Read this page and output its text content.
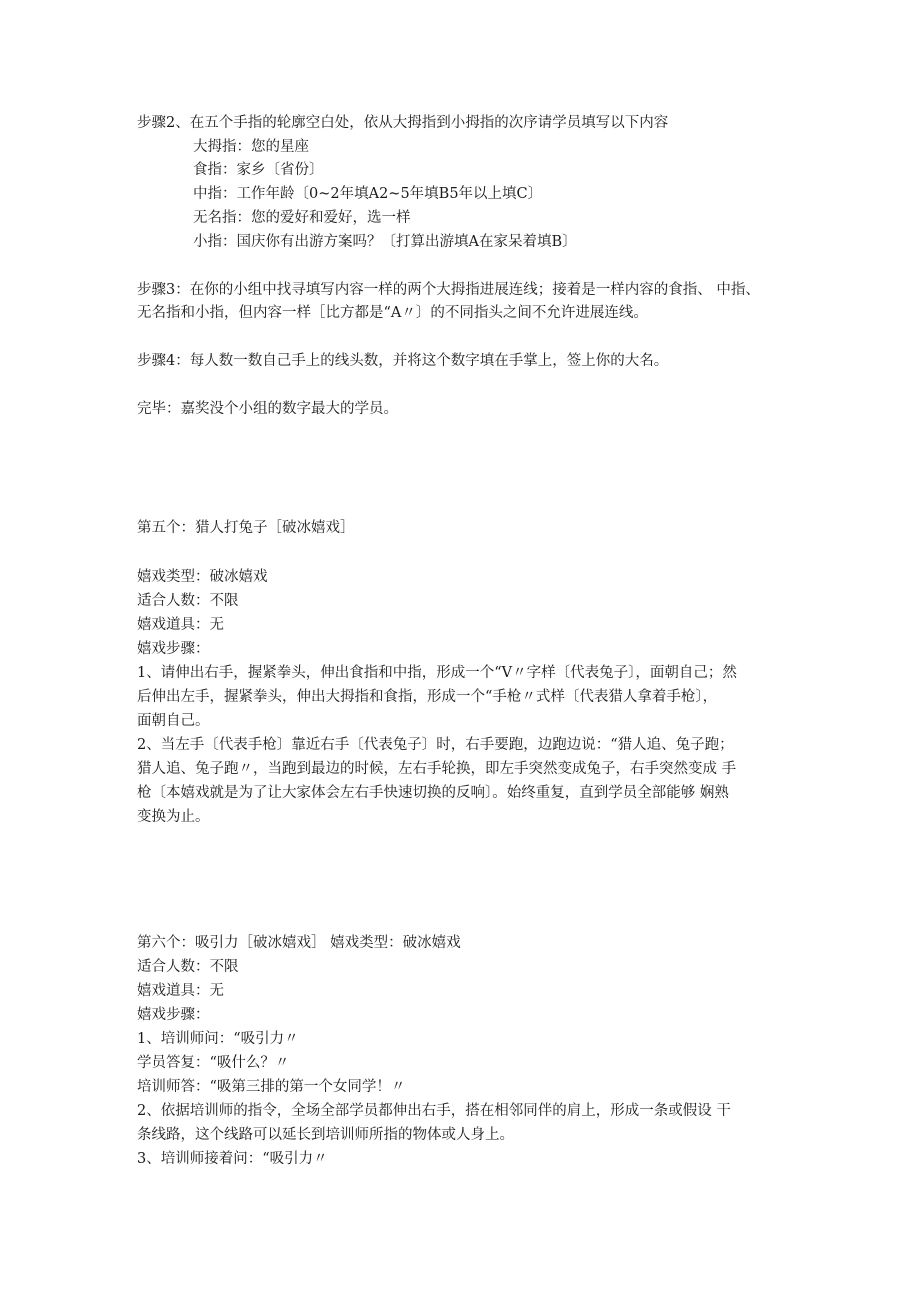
步骤2、在五个手指的轮廓空白处，依从大拇指到小拇指的次序请学员填写以下内容
大拇指：您的星座
食指：家乡〔省份〕
中指：工作年龄〔0~2年填A2~5年填B5年以上填C〕
无名指：您的爱好和爱好，选一样
小指：国庆你有出游方案吗？〔打算出游填A在家呆着填B〕
步骤3：在你的小组中找寻填写内容一样的两个大拇指进展连线；接着是一样内容的食指、 中指、
无名指和小指，但内容一样［比方都是“A〃〕的不同指头之间不允许进展连线。
步骤4：每人数一数自己手上的线头数，并将这个数字填在手掌上，签上你的大名。
完毕：嘉奖没个小组的数字最大的学员。
第五个：猎人打兔子［破冰嬉戏］
嬉戏类型：破冰嬉戏
适合人数：不限
嬉戏道具：无
嬉戏步骤：
1、请伸出右手，握紧拳头，伸出食指和中指，形成一个“V〃字样〔代表兔子〕，面朝自己；然
后伸出左手，握紧拳头，伸出大拇指和食指，形成一个“手枪〃式样〔代表猎人拿着手枪〕，
面朝自己。
2、当左手〔代表手枪〕靠近右手〔代表兔子〕时，右手要跑，边跑边说：“猎人追、兔子跑；
猎人追、兔子跑〃，当跑到最边的时候，左右手轮换，即左手突然变成兔子，右手突然变成 手
枪〔本嬉戏就是为了让大家体会左右手快速切换的反响〕。始终重复，直到学员全部能够 娴熟
变换为止。
第六个：吸引力［破冰嬉戏］ 嬉戏类型：破冰嬉戏
适合人数：不限
嬉戏道具：无
嬉戏步骤：
1、培训师问：“吸引力〃
学员答复：“吸什么？〃
培训师答：“吸第三排的第一个女同学！〃
2、依据培训师的指令，全场全部学员都伸出右手，搭在相邻同伴的肩上，形成一条或假设 干
条线路，这个线路可以延长到培训师所指的物体或人身上。
3、培训师接着问：“吸引力〃
